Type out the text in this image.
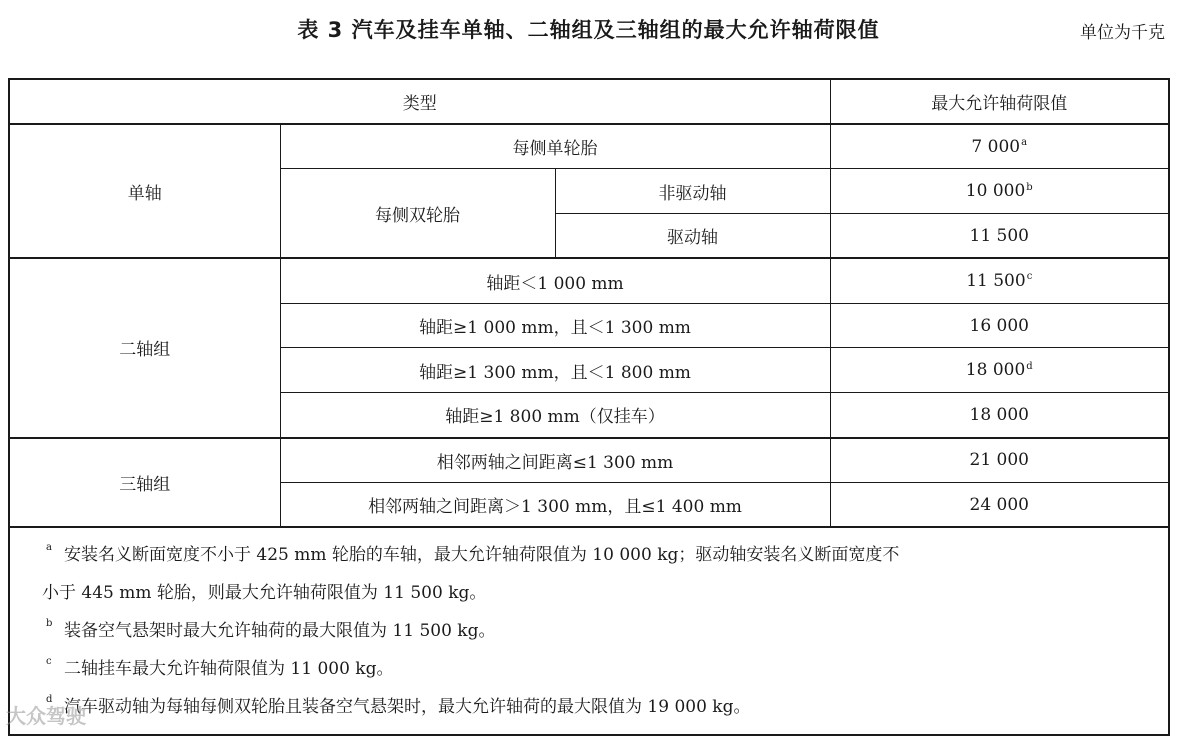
表 3 汽车及挂车单轴、二轴组及三轴组的最大允许轴荷限值	单位为千克
类型			最大允许轴荷限值
单轴	每侧单轮胎		7 000$^a$
	每侧双轮胎	非驱动轴	10 000$^b$
		驱动轴	11 500
二轴组	轴距＜1 000 mm		11 500$^c$
	轴距≥1 000 mm，且＜1 300 mm		16 000
	轴距≥1 300 mm，且＜1 800 mm		18 000$^d$
	轴距≥1 800 mm（仅挂车）		18 000
三轴组	相邻两轴之间距离≤1 300 mm		21 000
	相邻两轴之间距离＞1 300 mm，且≤1 400 mm		24 000
a 安装名义断面宽度不小于 425 mm 轮胎的车轴，最大允许轴荷限值为 10 000 kg；驱动轴安装名义断面宽度不
小于 445 mm 轮胎，则最大允许轴荷限值为 11 500 kg。
b 装备空气悬架时最大允许轴荷的最大限值为 11 500 kg。
c 二轴挂车最大允许轴荷限值为 11 000 kg。
d 汽车驱动轴为每轴每侧双轮胎且装备空气悬架时，最大允许轴荷的最大限值为 19 000 kg。
大众驾驶
